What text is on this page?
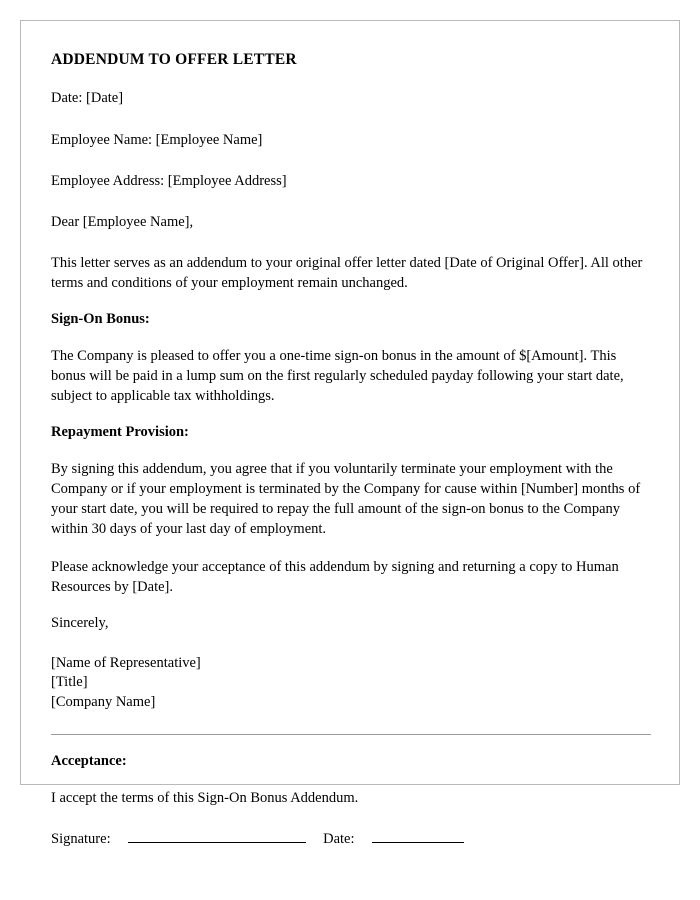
ADDENDUM TO OFFER LETTER
Date: [Date]
Employee Name: [Employee Name]
Employee Address: [Employee Address]
Dear [Employee Name],
This letter serves as an addendum to your original offer letter dated [Date of Original Offer]. All other terms and conditions of your employment remain unchanged.
Sign-On Bonus:
The Company is pleased to offer you a one-time sign-on bonus in the amount of $[Amount]. This bonus will be paid in a lump sum on the first regularly scheduled payday following your start date, subject to applicable tax withholdings.
Repayment Provision:
By signing this addendum, you agree that if you voluntarily terminate your employment with the Company or if your employment is terminated by the Company for cause within [Number] months of your start date, you will be required to repay the full amount of the sign-on bonus to the Company within 30 days of your last day of employment.
Please acknowledge your acceptance of this addendum by signing and returning a copy to Human Resources by [Date].
Sincerely,
[Name of Representative]
[Title]
[Company Name]
Acceptance:
I accept the terms of this Sign-On Bonus Addendum.
Signature:	Date:
